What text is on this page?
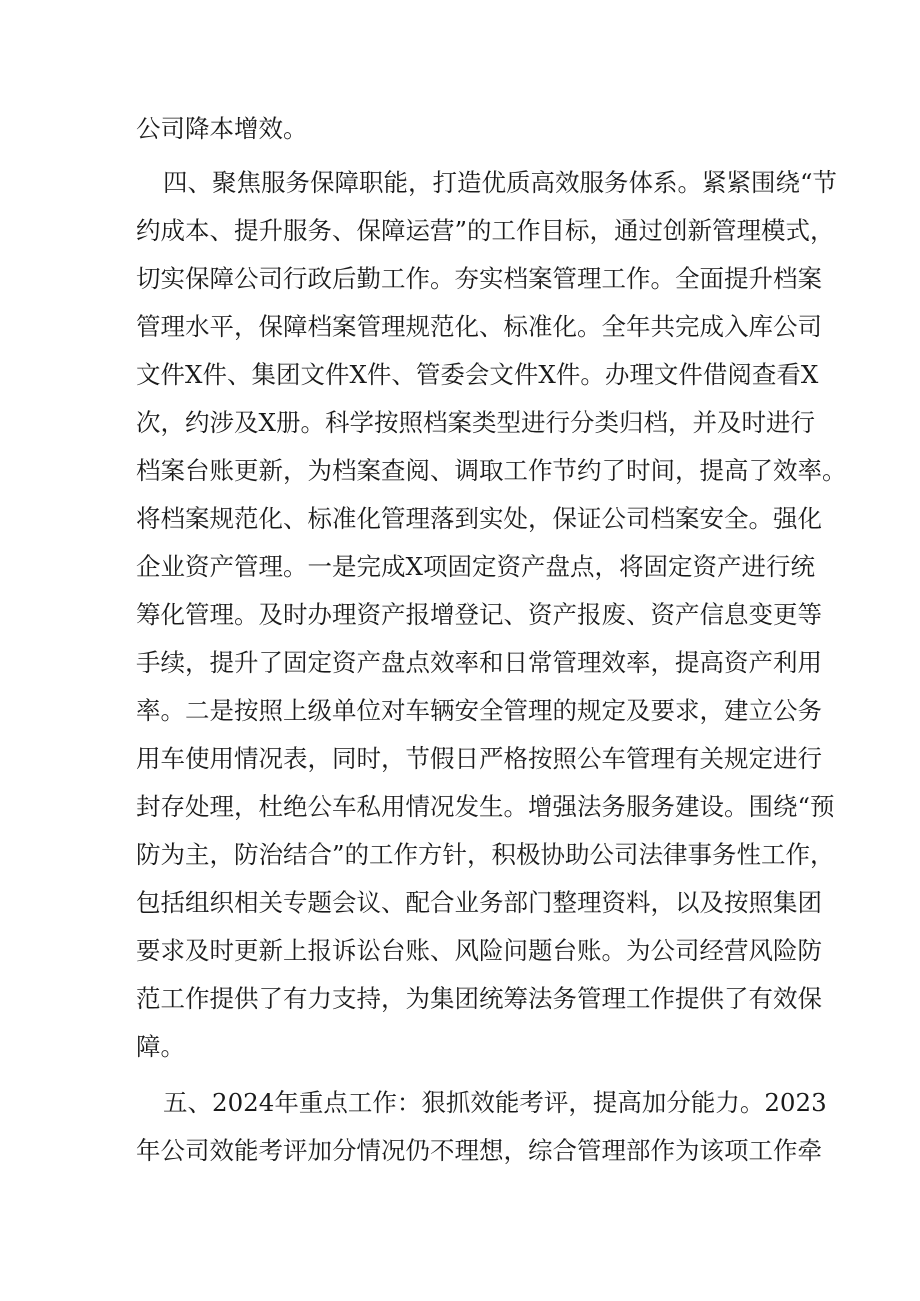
公司降本增效。
四、聚焦服务保障职能，打造优质高效服务体系。紧紧围绕“节
约成本、提升服务、保障运营”的工作目标，通过创新管理模式，
切实保障公司行政后勤工作。夯实档案管理工作。全面提升档案
管理水平，保障档案管理规范化、标准化。全年共完成入库公司
文件X件、集团文件X件、管委会文件X件。办理文件借阅查看X
次，约涉及X册。科学按照档案类型进行分类归档，并及时进行
档案台账更新，为档案查阅、调取工作节约了时间，提高了效率。
将档案规范化、标准化管理落到实处，保证公司档案安全。强化
企业资产管理。一是完成X项固定资产盘点，将固定资产进行统
筹化管理。及时办理资产报增登记、资产报废、资产信息变更等
手续，提升了固定资产盘点效率和日常管理效率，提高资产利用
率。二是按照上级单位对车辆安全管理的规定及要求，建立公务
用车使用情况表，同时，节假日严格按照公车管理有关规定进行
封存处理，杜绝公车私用情况发生。增强法务服务建设。围绕“预
防为主，防治结合”的工作方针，积极协助公司法律事务性工作，
包括组织相关专题会议、配合业务部门整理资料，以及按照集团
要求及时更新上报诉讼台账、风险问题台账。为公司经营风险防
范工作提供了有力支持，为集团统筹法务管理工作提供了有效保
障。
五、2024年重点工作：狠抓效能考评，提高加分能力。2023
年公司效能考评加分情况仍不理想，综合管理部作为该项工作牵
